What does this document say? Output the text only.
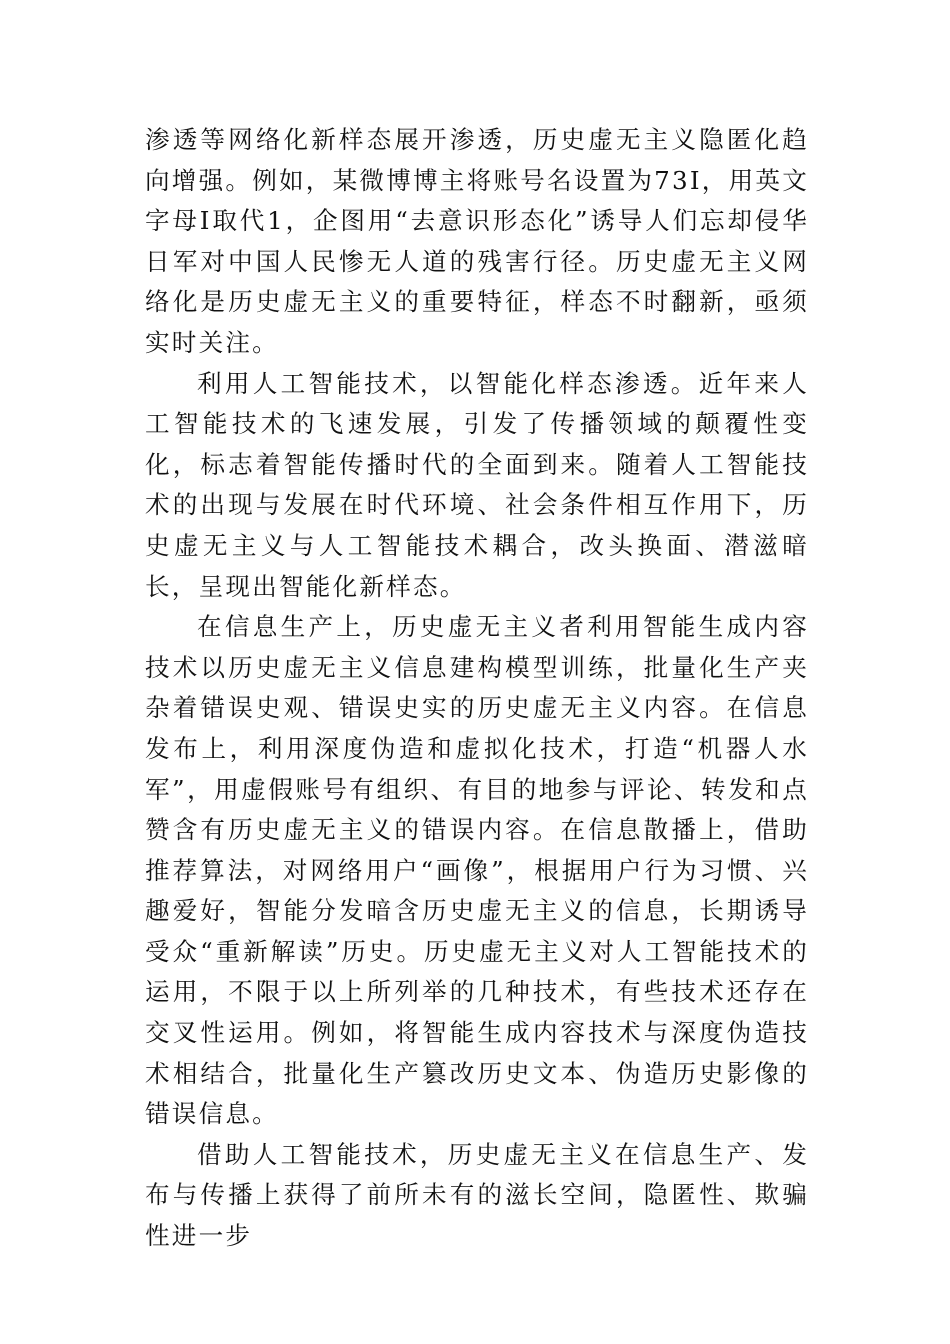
渗透等网络化新样态展开渗透，历史虚无主义隐匿化趋向增强。例如，某微博博主将账号名设置为73I，用英文字母I取代1，企图用“去意识形态化”诱导人们忘却侵华日军对中国人民惨无人道的残害行径。历史虚无主义网络化是历史虚无主义的重要特征，样态不时翻新，亟须实时关注。

利用人工智能技术，以智能化样态渗透。近年来人工智能技术的飞速发展，引发了传播领域的颠覆性变化，标志着智能传播时代的全面到来。随着人工智能技术的出现与发展在时代环境、社会条件相互作用下，历史虚无主义与人工智能技术耦合，改头换面、潜滋暗长，呈现出智能化新样态。

在信息生产上，历史虚无主义者利用智能生成内容技术以历史虚无主义信息建构模型训练，批量化生产夹杂着错误史观、错误史实的历史虚无主义内容。在信息发布上，利用深度伪造和虚拟化技术，打造“机器人水军”，用虚假账号有组织、有目的地参与评论、转发和点赞含有历史虚无主义的错误内容。在信息散播上，借助推荐算法，对网络用户“画像”，根据用户行为习惯、兴趣爱好，智能分发暗含历史虚无主义的信息，长期诱导受众“重新解读”历史。历史虚无主义对人工智能技术的运用，不限于以上所列举的几种技术，有些技术还存在交叉性运用。例如，将智能生成内容技术与深度伪造技术相结合，批量化生产篡改历史文本、伪造历史影像的错误信息。

借助人工智能技术，历史虚无主义在信息生产、发布与传播上获得了前所未有的滋长空间，隐匿性、欺骗性进一步
